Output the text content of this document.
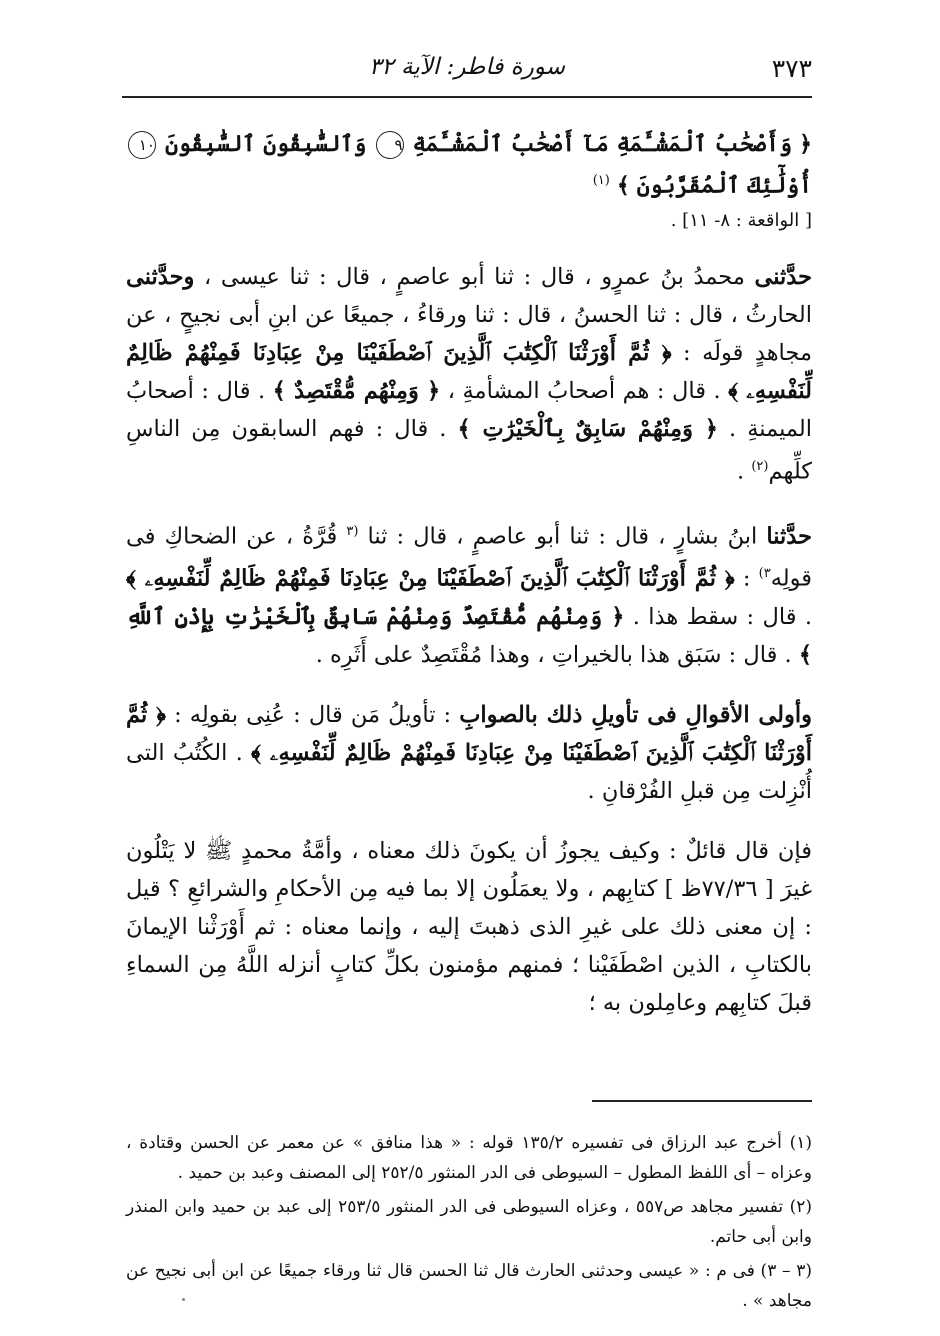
٣٧٣
سورة فاطر: الآية ٣٢

﴿ وَأَصْحَٰبُ ٱلْمَشْـَٔمَةِ مَآ أَصْحَٰبُ ٱلْمَشْـَٔمَةِ ٩ وَٱلسَّٰبِقُونَ ٱلسَّٰبِقُونَ ١٠ أُوْلَٰٓئِكَ ٱلْمُقَرَّبُونَ ﴾ $^{(١)}$

[ الواقعة : ٨- ١١] .

حدَّثنى محمدُ بنُ عمرٍو ، قال : ثنا أبو عاصمٍ ، قال : ثنا عيسى ، وحدَّثنى الحارثُ ، قال : ثنا الحسنُ ، قال : ثنا ورقاءُ ، جميعًا عن ابنِ أبى نجيحٍ ، عن مجاهدٍ قولَه : ﴿ ثُمَّ أَوْرَثْنَا ٱلْكِتَٰبَ ٱلَّذِينَ ٱصْطَفَيْنَا مِنْ عِبَادِنَا فَمِنْهُمْ ظَالِمٌ لِّنَفْسِهِۦ ﴾ . قال : هم أصحابُ المشأمةِ ، ﴿ وَمِنْهُم مُّقْتَصِدٌ ﴾ . قال : أصحابُ الميمنةِ . ﴿ وَمِنْهُمْ سَابِقٌ بِٱلْخَيْرَٰتِ ﴾ . قال : فهم السابقون مِن الناسِ كلِّهم$^{(٢)}$ .

حدَّثنا ابنُ بشارٍ ، قال : ثنا أبو عاصمٍ ، قال : ثنا $^{(٣}$ قُرَّةُ ، عن الضحاكِ فى قولِه$^{٣)}$ : ﴿ ثُمَّ أَوْرَثْنَا ٱلْكِتَٰبَ ٱلَّذِينَ ٱصْطَفَيْنَا مِنْ عِبَادِنَا فَمِنْهُمْ ظَالِمٌ لِّنَفْسِهِۦ ﴾ . قال : سقط هذا . ﴿ وَمِنْهُم مُّقْتَصِدٌ وَمِنْهُمْ سَابِقٌ بِٱلْخَيْرَٰتِ بِإِذْنِ ٱللَّهِ ﴾ . قال : سَبَق هذا بالخيراتِ ، وهذا مُقْتَصِدٌ على أَثَرِه .

وأولى الأقوالِ فى تأويلِ ذلك بالصوابِ : تأويلُ مَن قال : عُنِى بقولِه : ﴿ ثُمَّ أَوْرَثْنَا ٱلْكِتَٰبَ ٱلَّذِينَ ٱصْطَفَيْنَا مِنْ عِبَادِنَا فَمِنْهُمْ ظَالِمٌ لِّنَفْسِهِۦ ﴾ . الكُتُبُ التى أُنْزِلت مِن قبلِ الفُرْقانِ .

فإن قال قائلٌ : وكيف يجوزُ أن يكونَ ذلك معناه ، وأمَّةُ محمدٍ ﷺ لا يَتْلُون غيرَ [ ٧٧/٣٦ظ ] كتابِهم ، ولا يعمَلُون إلا بما فيه مِن الأحكامِ والشرائعِ ؟ قيل : إن معنى ذلك على غيرِ الذى ذهبتَ إليه ، وإنما معناه : ثم أَوْرَثْنا الإيمانَ بالكتابِ ، الذين اصْطَفَيْنا ؛ فمنهم مؤمنون بكلِّ كتابٍ أنزله اللَّهُ مِن السماءِ قبلَ كتابِهم وعامِلون به ؛

(١) أخرج عبد الرزاق فى تفسيره ١٣٥/٢ قوله : « هذا منافق » عن معمر عن الحسن وقتادة ، وعزاه – أى اللفظ المطول – السيوطى فى الدر المنثور ٢٥٢/٥ إلى المصنف وعبد بن حميد .

(٢) تفسير مجاهد ص٥٥٧ ، وعزاه السيوطى فى الدر المنثور ٢٥٣/٥ إلى عبد بن حميد وابن المنذر وابن أبى حاتم.

(٣ – ٣) فى م : « عيسى وحدثنى الحارث قال ثنا الحسن قال ثنا ورقاء جميعًا عن ابن أبى نجيح عن مجاهد » .
